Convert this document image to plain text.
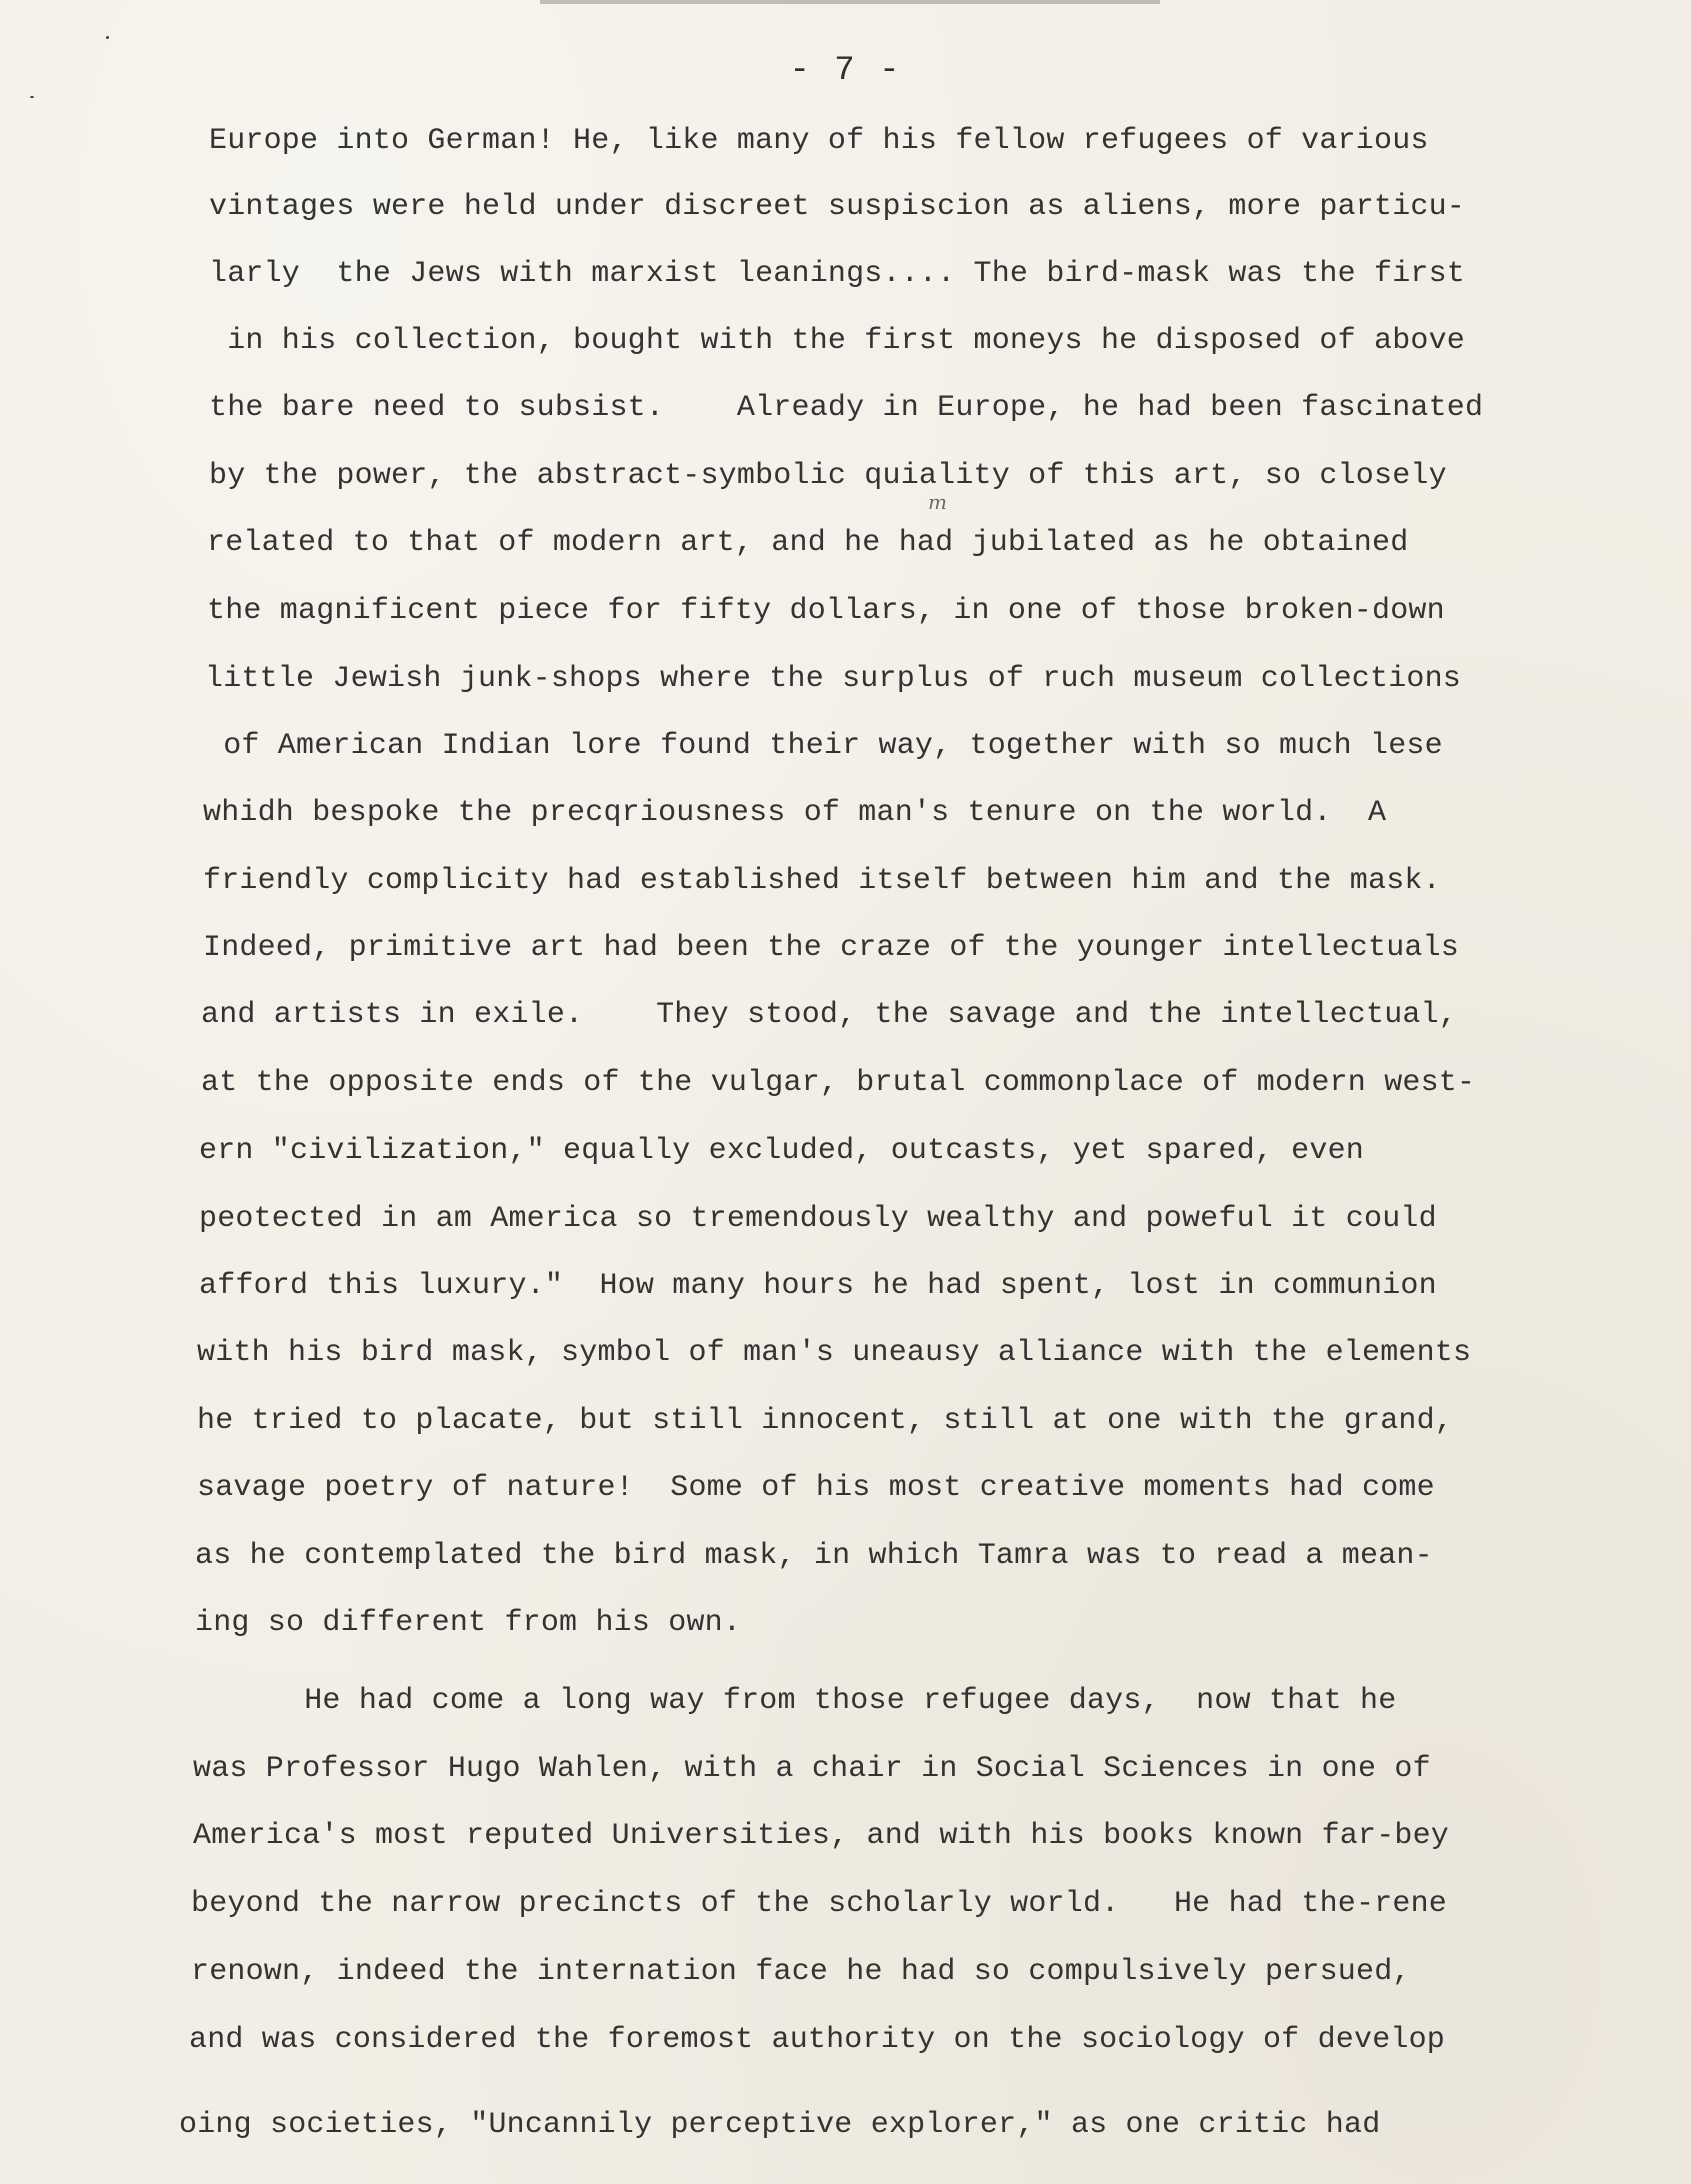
- 7 -
Europe into German! He, like many of his fellow refugees of various
vintages were held under discreet suspiscion as aliens, more particu-
larly  the Jews with marxist leanings.... The bird-mask was the first
in his collection, bought with the first moneys he disposed of above
the bare need to subsist.    Already in Europe, he had been fascinated
by the power, the abstract-symbolic quiality of this art, so closely
related to that of modern art, and he had jubilated as he obtained
the magnificent piece for fifty dollars, in one of those broken-down
little Jewish junk-shops where the surplus of ruch museum collections
of American Indian lore found their way, together with so much lese
whidh bespoke the precqriousness of man's tenure on the world.  A
friendly complicity had established itself between him and the mask.
Indeed, primitive art had been the craze of the younger intellectuals
and artists in exile.    They stood, the savage and the intellectual,
at the opposite ends of the vulgar, brutal commonplace of modern west-
ern "civilization," equally excluded, outcasts, yet spared, even
peotected in am America so tremendously wealthy and poweful it could
afford this luxury."  How many hours he had spent, lost in communion
with his bird mask, symbol of man's uneausy alliance with the elements
he tried to placate, but still innocent, still at one with the grand,
savage poetry of nature!  Some of his most creative moments had come
as he contemplated the bird mask, in which Tamra was to read a mean-
ing so different from his own.
He had come a long way from those refugee days,  now that he
was Professor Hugo Wahlen, with a chair in Social Sciences in one of
America's most reputed Universities, and with his books known far-bey
beyond the narrow precincts of the scholarly world.   He had the-rene
renown, indeed the internation face he had so compulsively persued,
and was considered the foremost authority on the sociology of develop
oing societies, "Uncannily perceptive explorer," as one critic had
m
